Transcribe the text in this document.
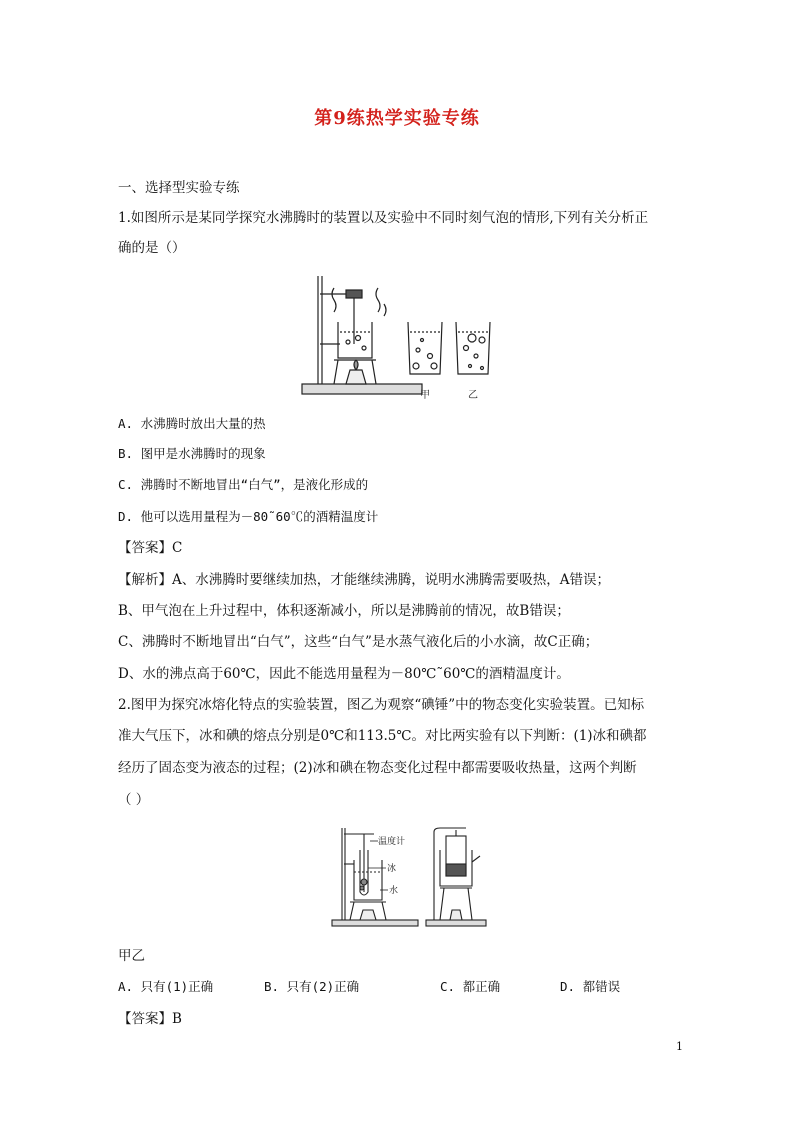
第9练热学实验专练
一、选择型实验专练
1.如图所示是某同学探究水沸腾时的装置以及实验中不同时刻气泡的情形,下列有关分析正
确的是（）
甲	乙
A. 水沸腾时放出大量的热
B. 图甲是水沸腾时的现象
C. 沸腾时不断地冒出“白气”，是液化形成的
D. 他可以选用量程为－80˜60℃的酒精温度计
【答案】C
【解析】A、水沸腾时要继续加热，才能继续沸腾，说明水沸腾需要吸热，A错误；
B、甲气泡在上升过程中，体积逐渐减小，所以是沸腾前的情况，故B错误；
C、沸腾时不断地冒出“白气”，这些“白气”是水蒸气液化后的小水滴，故C正确；
D、水的沸点高于60℃，因此不能选用量程为－80℃˜60℃的酒精温度计。
2.图甲为探究冰熔化特点的实验装置，图乙为观察“碘锤”中的物态变化实验装置。已知标
准大气压下，冰和碘的熔点分别是0℃和113.5℃。对比两实验有以下判断：(1)冰和碘都
经历了固态变为液态的过程；(2)冰和碘在物态变化过程中都需要吸收热量，这两个判断
（ ）
温度计
冰
水
甲乙
A. 只有(1)正确	B. 只有(2)正确	C. 都正确	D. 都错误
【答案】B
1
